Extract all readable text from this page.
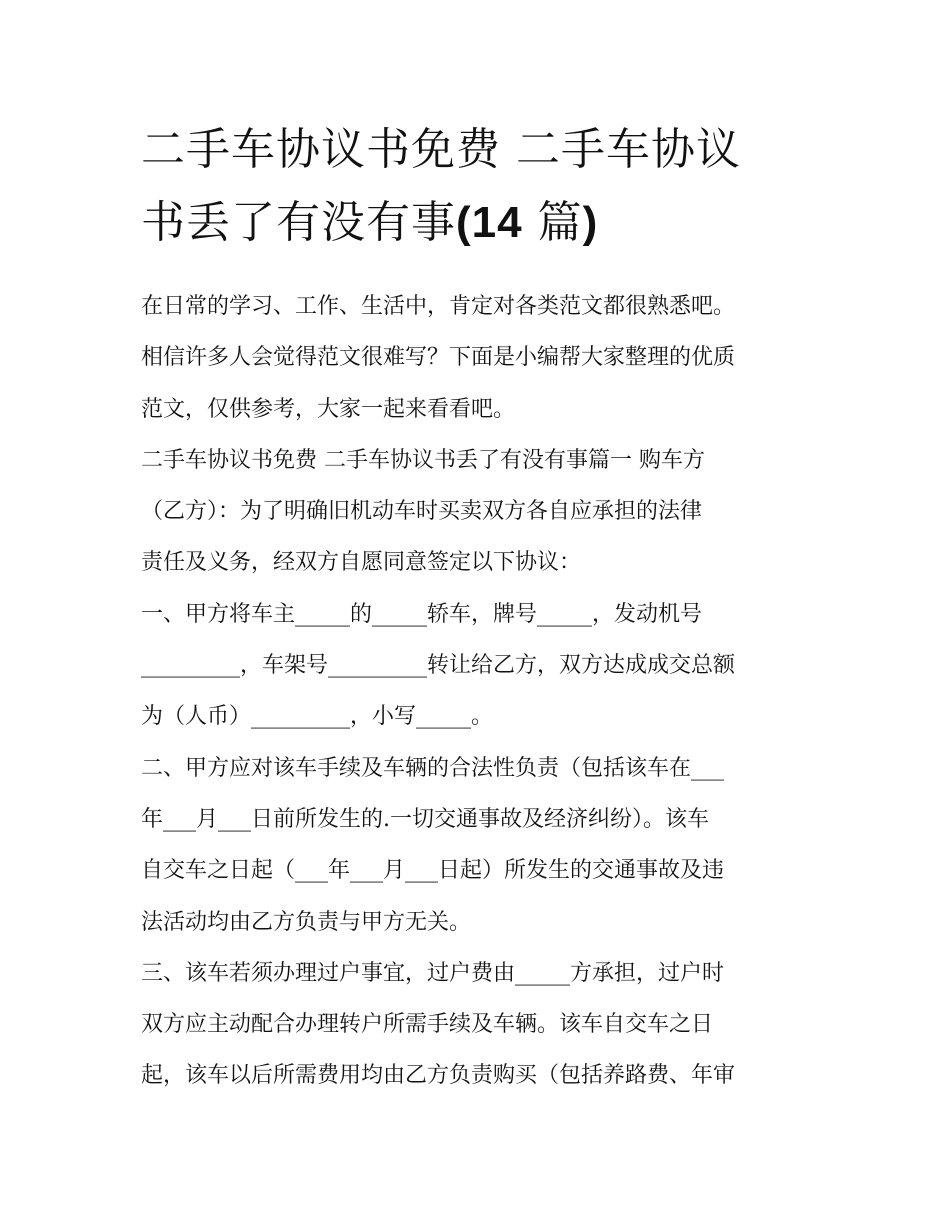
二手车协议书免费 二手车协议
书丢了有没有事(14 篇)

在日常的学习、工作、生活中，肯定对各类范文都很熟悉吧。
相信许多人会觉得范文很难写？下面是小编帮大家整理的优质
范文，仅供参考，大家一起来看看吧。

二手车协议书免费 二手车协议书丢了有没有事篇一 购车方
（乙方）：为了明确旧机动车时买卖双方各自应承担的法律
责任及义务，经双方自愿同意签定以下协议：

一、甲方将车主_____的_____轿车，牌号_____，发动机号
_________，车架号_________转让给乙方，双方达成成交总额
为（人币）_________，小写_____。

二、甲方应对该车手续及车辆的合法性负责（包括该车在___
年___月___日前所发生的.一切交通事故及经济纠纷）。该车
自交车之日起（___年___月___日起）所发生的交通事故及违
法活动均由乙方负责与甲方无关。

三、该车若须办理过户事宜，过户费由_____方承担，过户时
双方应主动配合办理转户所需手续及车辆。该车自交车之日
起，该车以后所需费用均由乙方负责购买（包括养路费、年审
